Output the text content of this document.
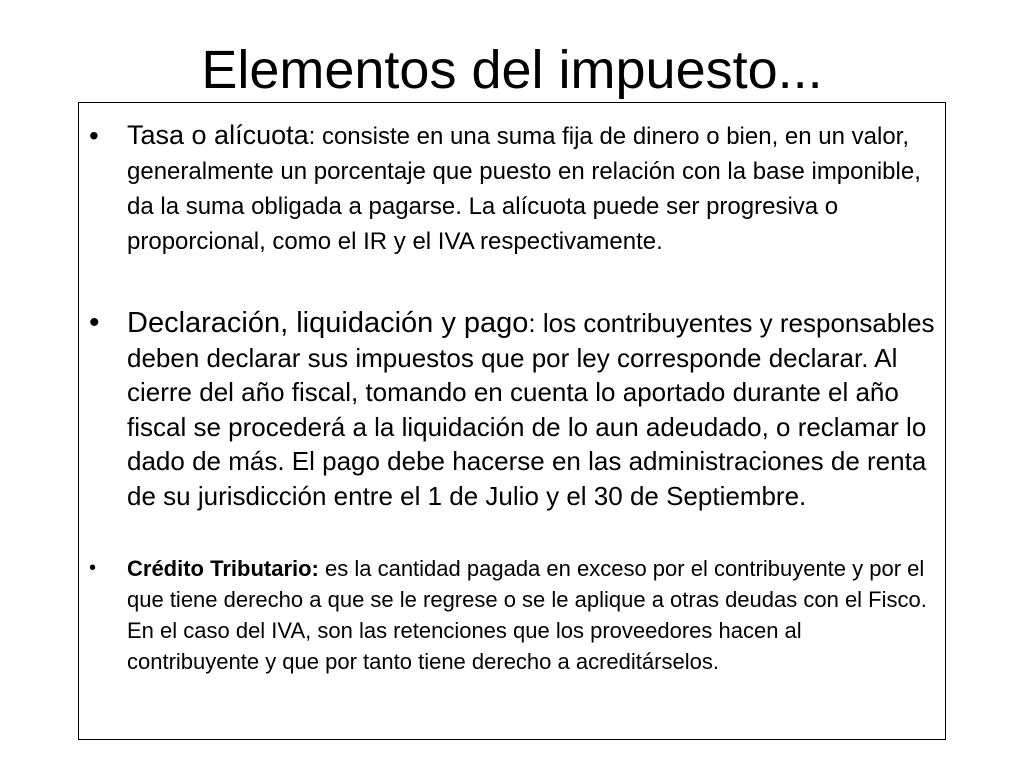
Elementos del impuesto...
• Tasa o alícuota: consiste en una suma fija de dinero o bien, en un valor, generalmente un porcentaje que puesto en relación con la base imponible, da la suma obligada a pagarse. La alícuota puede ser progresiva o proporcional, como el IR y el IVA respectivamente.
• Declaración, liquidación y pago: los contribuyentes y responsables deben declarar sus impuestos que por ley corresponde declarar. Al cierre del año fiscal, tomando en cuenta lo aportado durante el año fiscal se procederá a la liquidación de lo aun adeudado, o reclamar lo dado de más. El pago debe hacerse en las administraciones de renta de su jurisdicción entre el 1 de Julio y el 30 de Septiembre.
• Crédito Tributario: es la cantidad pagada en exceso por el contribuyente y por el que tiene derecho a que se le regrese o se le aplique a otras deudas con el Fisco. En el caso del IVA, son las retenciones que los proveedores hacen al contribuyente y que por tanto tiene derecho a acreditárselos.
